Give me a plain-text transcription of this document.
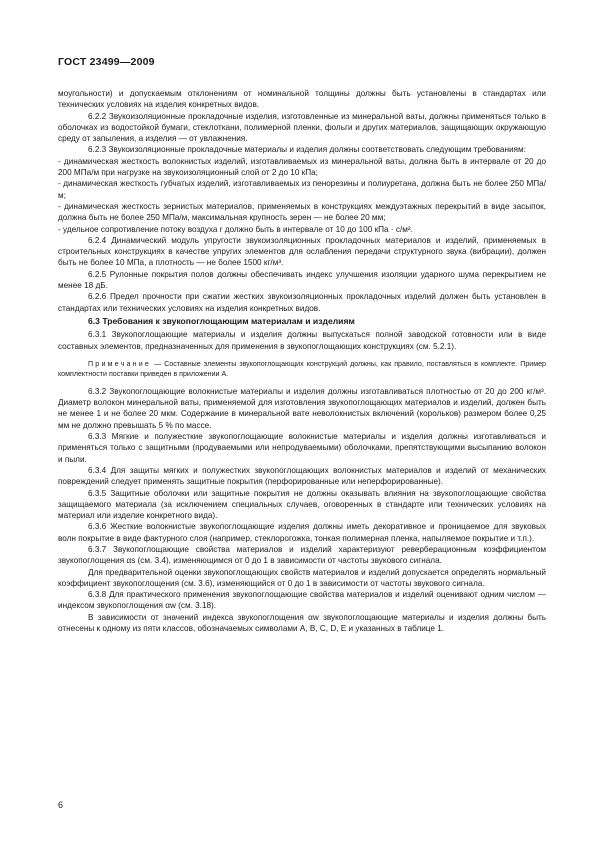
ГОСТ 23499—2009

моугольности) и допускаемым отклонениям от номинальной толщины должны быть установлены в стандартах или технических условиях на изделия конкретных видов.

6.2.2 Звукоизоляционные прокладочные изделия, изготовленные из минеральной ваты, должны применяться только в оболочках из водостойкой бумаги, стеклоткани, полимерной пленки, фольги и других материалов, защищающих окружающую среду от запыления, а изделия — от увлажнения.

6.2.3 Звукоизоляционные прокладочные материалы и изделия должны соответствовать следующим требованиям:

- динамическая жесткость волокнистых изделий, изготавливаемых из минеральной ваты, должна быть в интервале от 20 до 200 МПа/м при нагрузке на звукоизоляционный слой от 2 до 10 кПа;

- динамическая жесткость губчатых изделий, изготавливаемых из пенорезины и полиуретана, должна быть не более 250 МПа/м;

- динамическая жесткость зернистых материалов, применяемых в конструкциях междуэтажных перекрытий в виде засыпок, должна быть не более 250 МПа/м, максимальная крупность зерен — не более 20 мм;

- удельное сопротивление потоку воздуха r должно быть в интервале от 10 до 100 кПа · с/м².

6.2.4 Динамический модуль упругости звукоизоляционных прокладочных материалов и изделий, применяемых в строительных конструкциях в качестве упругих элементов для ослабления передачи структурного звука (вибрации), должен быть не более 10 МПа, а плотность — не более 1500 кг/м³.

6.2.5 Рулонные покрытия полов должны обеспечивать индекс улучшения изоляции ударного шума перекрытием не менее 18 дБ.

6.2.6 Предел прочности при сжатии жестких звукоизоляционных прокладочных изделий должен быть установлен в стандартах или технических условиях на изделия конкретных видов.

6.3 Требования к звукопоглощающим материалам и изделиям

6.3.1 Звукопоглощающие материалы и изделия должны выпускаться полной заводской готовности или в виде составных элементов, предназначенных для применения в звукопоглощающих конструкциях (см. 5.2.1).

Примечание — Составные элементы звукопоглощающих конструкций должны, как правило, поставляться в комплекте. Пример комплектности поставки приведен в приложении А.

6.3.2 Звукопоглощающие волокнистые материалы и изделия должны изготавливаться плотностью от 20 до 200 кг/м³. Диаметр волокон минеральной ваты, применяемой для изготовления звукопоглощающих материалов и изделий, должен быть не менее 1 и не более 20 мкм. Содержание в минеральной вате неволокнистых включений (корольков) размером более 0,25 мм не должно превышать 5 % по массе.

6.3.3 Мягкие и полужесткие звукопоглощающие волокнистые материалы и изделия должны изготавливаться и применяться только с защитными (продуваемыми или непродуваемыми) оболочками, препятствующими высыпанию волокон и пыли.

6.3.4 Для защиты мягких и полужестких звукопоглощающих волокнистых материалов и изделий от механических повреждений следует применять защитные покрытия (перфорированные или неперфорированные).

6.3.5 Защитные оболочки или защитные покрытия не должны оказывать влияния на звукопоглощающие свойства защищаемого материала (за исключением специальных случаев, оговоренных в стандарте или технических условиях на материал или изделие конкретного вида).

6.3.6 Жесткие волокнистые звукопоглощающие изделия должны иметь декоративное и проницаемое для звуковых волн покрытие в виде фактурного слоя (например, стеклорогожка, тонкая полимерная пленка, напыляемое покрытие и т.п.).

6.3.7 Звукопоглощающие свойства материалов и изделий характеризуют реверберационным коэффициентом звукопоглощения αs (см. 3.4), изменяющимся от 0 до 1 в зависимости от частоты звукового сигнала.

Для предварительной оценки звукопоглощающих свойств материалов и изделий допускается определять нормальный коэффициент звукопоглощения (см. 3.6), изменяющийся от 0 до 1 в зависимости от частоты звукового сигнала.

6.3.8 Для практического применения звукопоглощающие свойства материалов и изделий оценивают одним числом — индексом звукопоглощения αw (см. 3.18).

В зависимости от значений индекса звукопоглощения αw звукопоглощающие материалы и изделия должны быть отнесены к одному из пяти классов, обозначаемых символами A, B, C, D, E и указанных в таблице 1.

6
